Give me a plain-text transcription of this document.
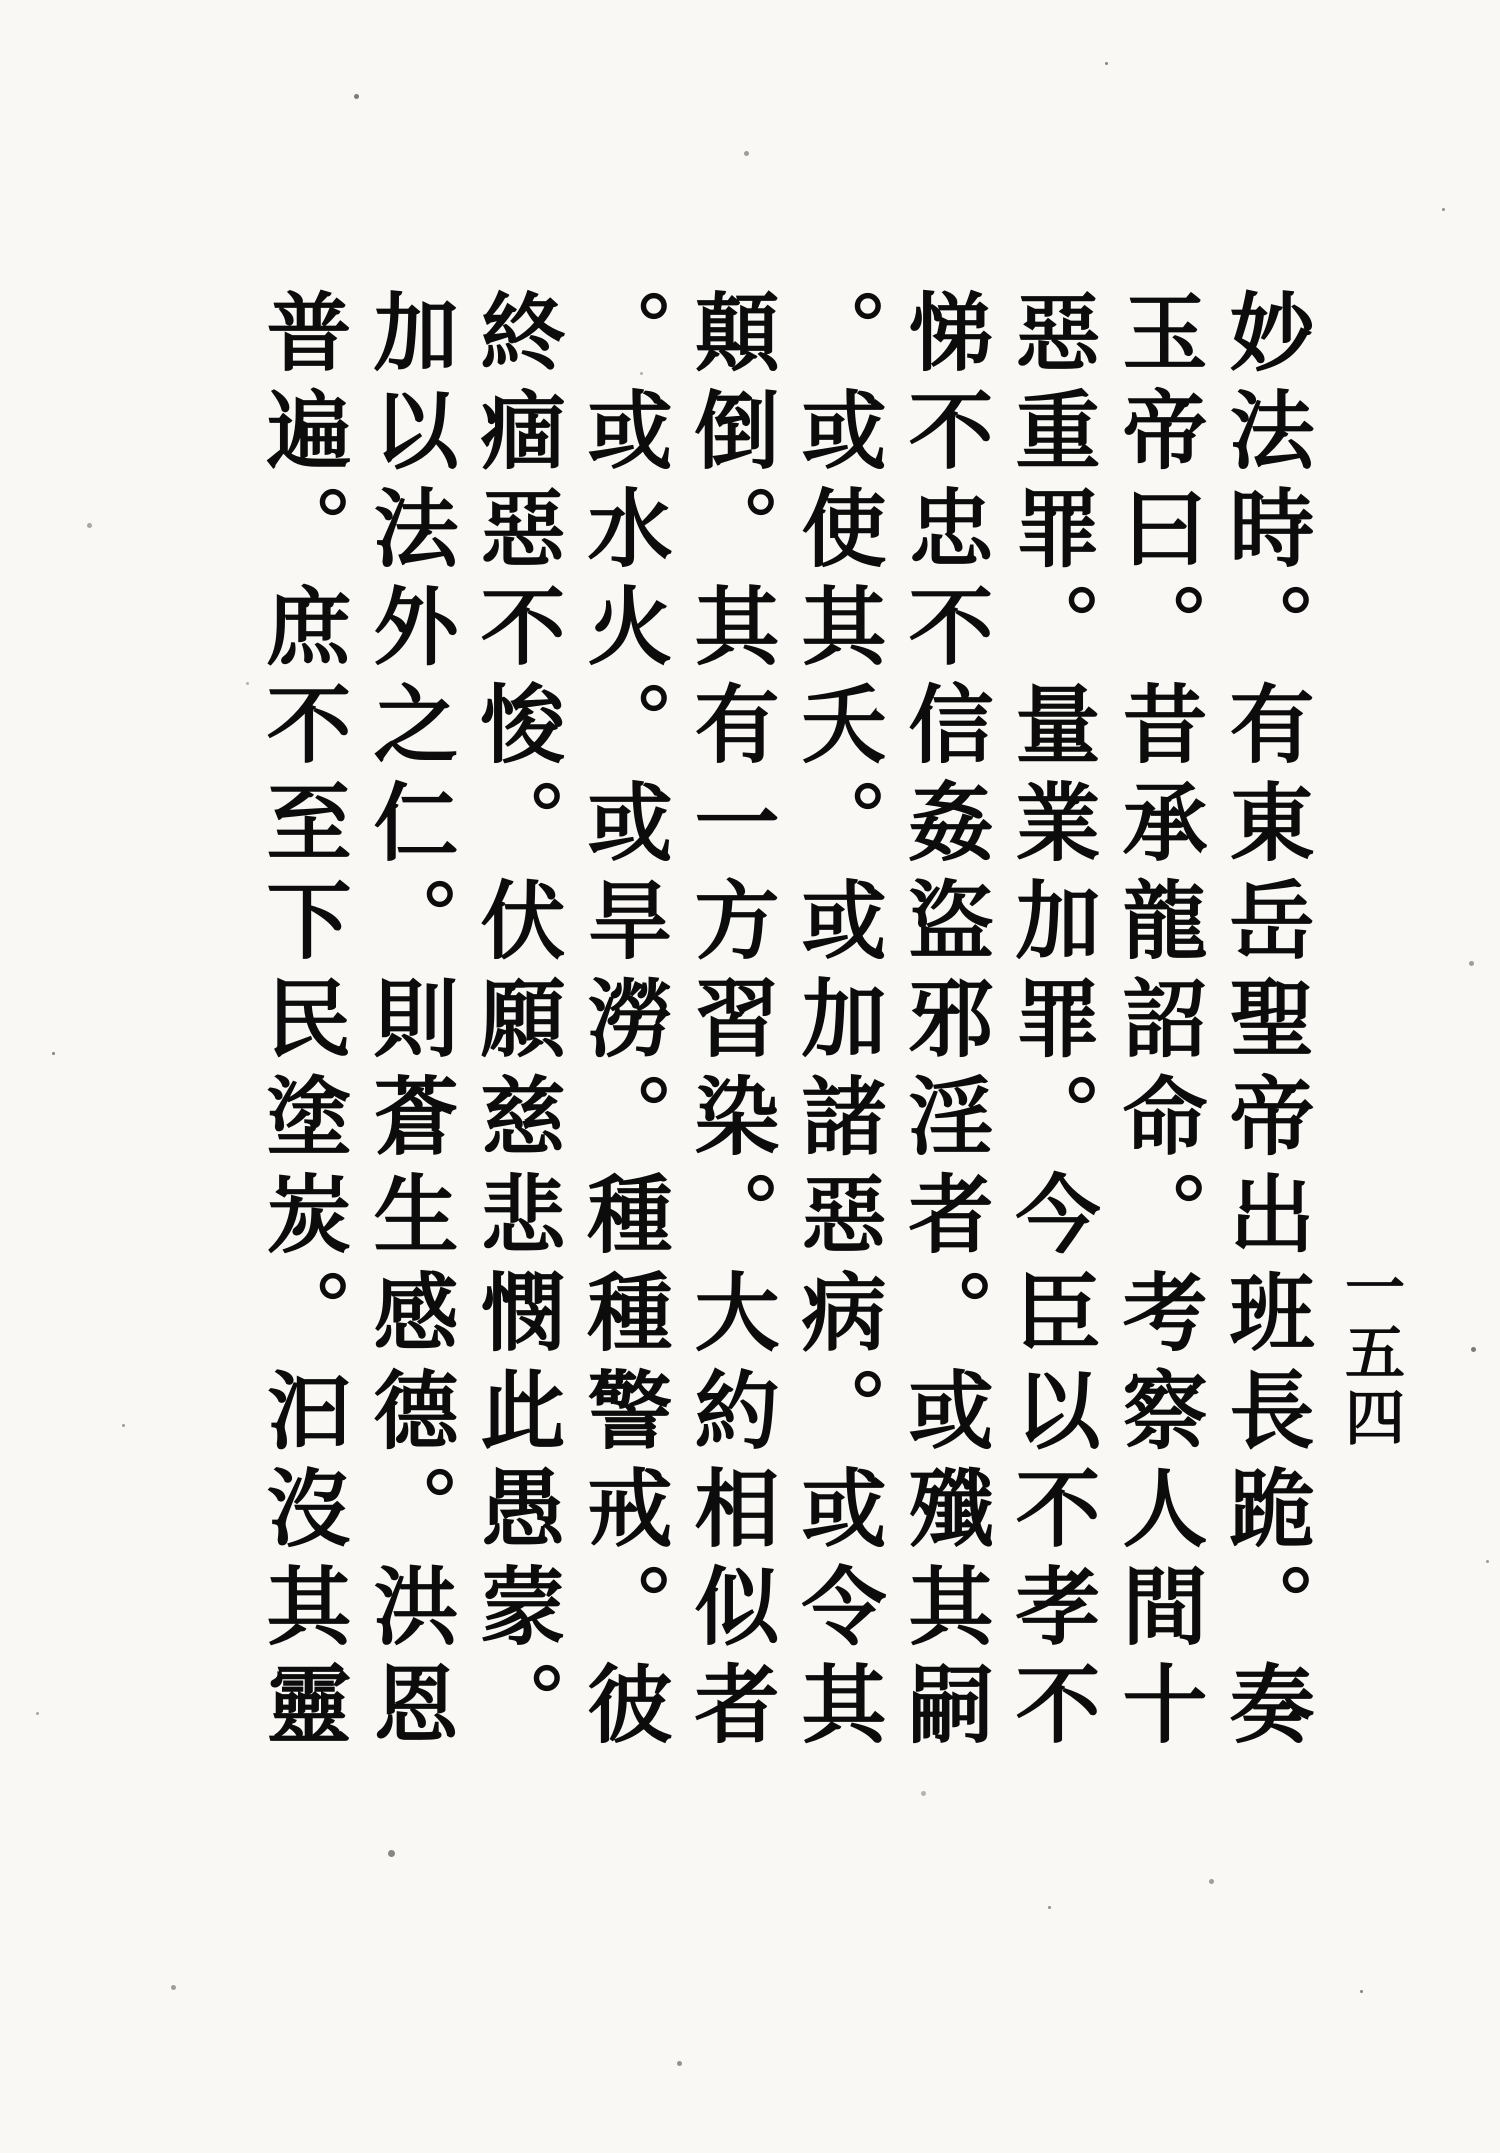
妙法時。有東岳聖帝出班長跪。奏
玉帝曰。昔承龍詔命。考察人間十
惡重罪。量業加罪。今臣以不孝不
悌不忠不信姦盜邪淫者。或殲其嗣
。或使其夭。或加諸惡病。或令其
顛倒。其有一方習染。大約相似者
。或水火。或旱澇。種種警戒。彼
終痼惡不悛。伏願慈悲憫此愚蒙。
加以法外之仁。則蒼生感德。洪恩
普遍。庶不至下民塗炭。汩沒其靈	一五四
